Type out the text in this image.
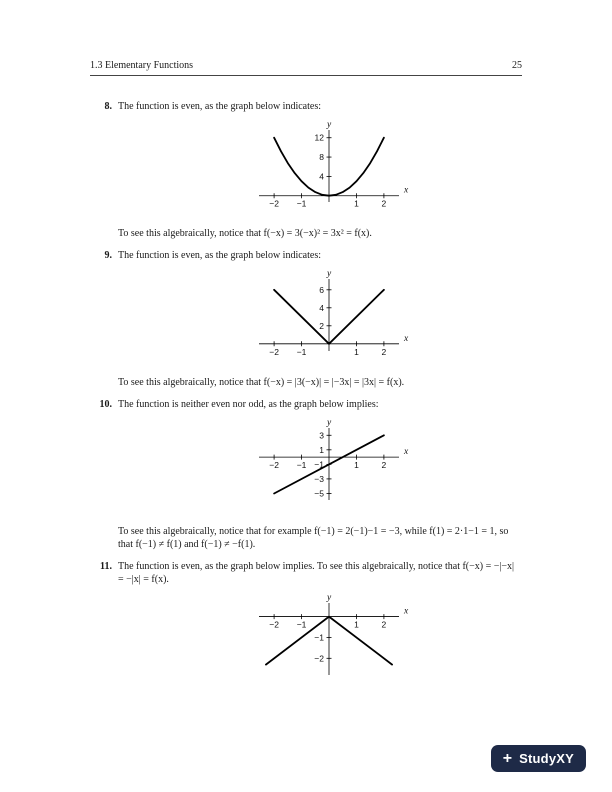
1.3 Elementary Functions	25
8. The function is even, as the graph below indicates:

x
y
−2 −1	1	2
4
8
12

To see this algebraically, notice that f(−x) = 3(−x)² = 3x² = f(x).

9. The function is even, as the graph below indicates:

x
y
−2 −1	1	2
2
4
6

To see this algebraically, notice that f(−x) = |3(−x)| = |−3x| = |3x| = f(x).

10. The function is neither even nor odd, as the graph below implies:

x
y
−2 −1	1	2
3
1
−1
−3
−5

To see this algebraically, notice that for example f(−1) = 2(−1)−1 = −3, while f(1) = 2·1−1 = 1, so that f(−1) ≠ f(1) and f(−1) ≠ −f(1).

11. The function is even, as the graph below implies. To see this algebraically, notice that f(−x) = −|−x| = −|x| = f(x).

x
y
−2 −1	1	2
−1
−2
+ StudyXY
